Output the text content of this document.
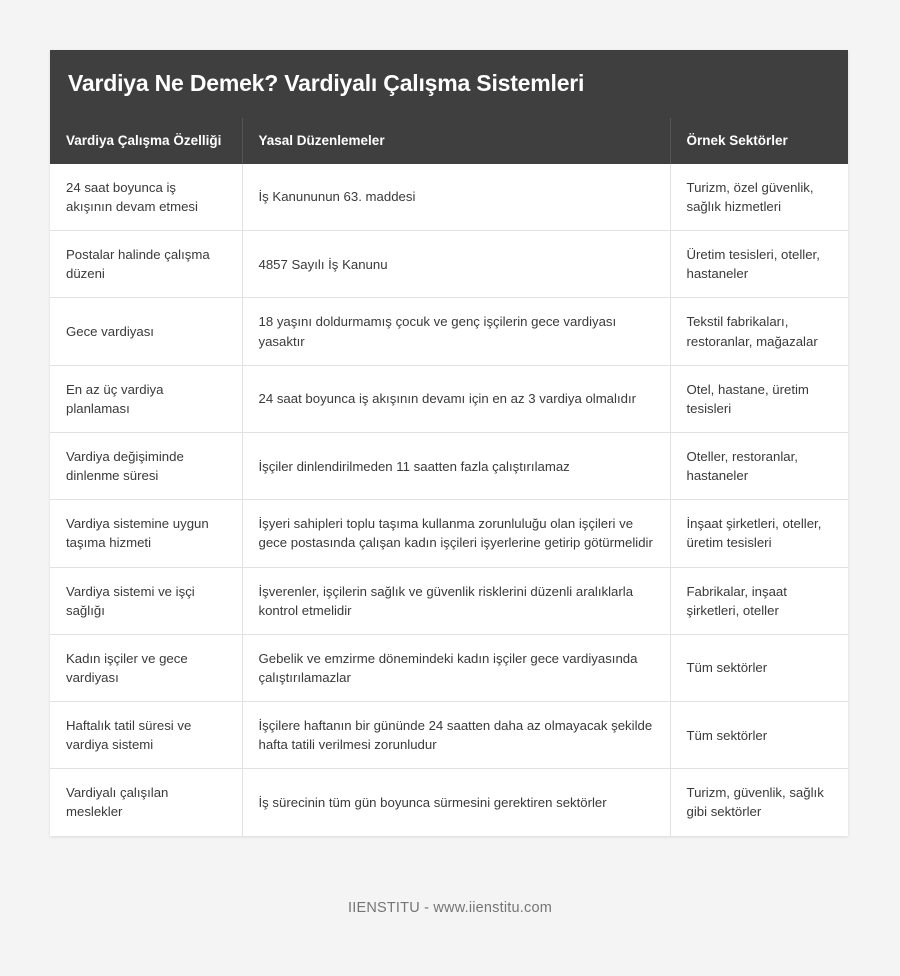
Vardiya Ne Demek? Vardiyalı Çalışma Sistemleri
Vardiya Çalışma Özelliği	Yasal Düzenlemeler	Örnek Sektörler
24 saat boyunca iş akışının devam etmesi	İş Kanununun 63. maddesi	Turizm, özel güvenlik, sağlık hizmetleri
Postalar halinde çalışma düzeni	4857 Sayılı İş Kanunu	Üretim tesisleri, oteller, hastaneler
Gece vardiyası	18 yaşını doldurmamış çocuk ve genç işçilerin gece vardiyası yasaktır	Tekstil fabrikaları, restoranlar, mağazalar
En az üç vardiya planlaması	24 saat boyunca iş akışının devamı için en az 3 vardiya olmalıdır	Otel, hastane, üretim tesisleri
Vardiya değişiminde dinlenme süresi	İşçiler dinlendirilmeden 11 saatten fazla çalıştırılamaz	Oteller, restoranlar, hastaneler
Vardiya sistemine uygun taşıma hizmeti	İşyeri sahipleri toplu taşıma kullanma zorunluluğu olan işçileri ve gece postasında çalışan kadın işçileri işyerlerine getirip götürmelidir	İnşaat şirketleri, oteller, üretim tesisleri
Vardiya sistemi ve işçi sağlığı	İşverenler, işçilerin sağlık ve güvenlik risklerini düzenli aralıklarla kontrol etmelidir	Fabrikalar, inşaat şirketleri, oteller
Kadın işçiler ve gece vardiyası	Gebelik ve emzirme dönemindeki kadın işçiler gece vardiyasında çalıştırılamazlar	Tüm sektörler
Haftalık tatil süresi ve vardiya sistemi	İşçilere haftanın bir gününde 24 saatten daha az olmayacak şekilde hafta tatili verilmesi zorunludur	Tüm sektörler
Vardiyalı çalışılan meslekler	İş sürecinin tüm gün boyunca sürmesini gerektiren sektörler	Turizm, güvenlik, sağlık gibi sektörler
IIENSTITU - www.iienstitu.com
